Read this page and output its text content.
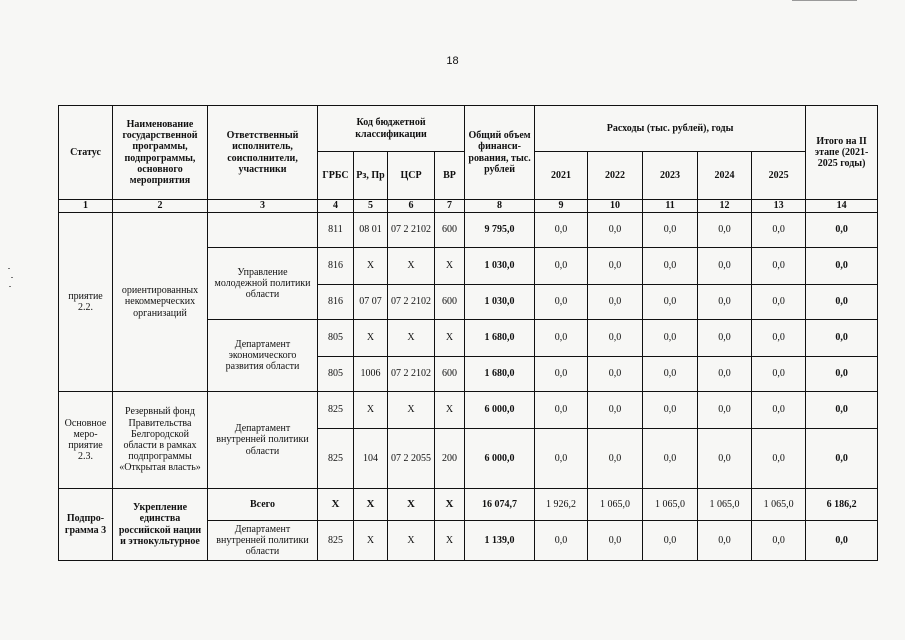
18
Статус	Наименование государственной программы, подпрограммы, основного мероприятия	Ответственный исполнитель, соисполнители, участники	Код бюджетной классификации				Общий объем финанси- рования, тыс. рублей	Расходы (тыс. рублей), годы					Итого на II этапе (2021-2025 годы)
			ГРБС	Рз, Пр	ЦСР	ВР		2021	2022	2023	2024	2025	
1	2	3	4	5	6	7	8	9	10	11	12	13	14
приятие 2.2.	ориентированных некоммерческих организаций		811	08 01	07 2 2102	600	9 795,0	0,0	0,0	0,0	0,0	0,0	0,0
		Управление молодежной политики области	816	Х	Х	Х	1 030,0	0,0	0,0	0,0	0,0	0,0	0,0
			816	07 07	07 2 2102	600	1 030,0	0,0	0,0	0,0	0,0	0,0	0,0
		Департамент экономического развития области	805	Х	Х	Х	1 680,0	0,0	0,0	0,0	0,0	0,0	0,0
			805	1006	07 2 2102	600	1 680,0	0,0	0,0	0,0	0,0	0,0	0,0
Основное меро- приятие 2.3.	Резервный фонд Правительства Белгородской области в рамках подпрограммы «Открытая власть»	Департамент внутренней политики области	825	Х	Х	Х	6 000,0	0,0	0,0	0,0	0,0	0,0	0,0
			825	104	07 2 2055	200	6 000,0	0,0	0,0	0,0	0,0	0,0	0,0
Подпро- грамма 3	Укрепление единства российской нации и этнокультурное	Всего	Х	Х	Х	Х	16 074,7	1 926,2	1 065,0	1 065,0	1 065,0	1 065,0	6 186,2
		Департамент внутренней политики области	825	Х	Х	Х	1 139,0	0,0	0,0	0,0	0,0	0,0	0,0
